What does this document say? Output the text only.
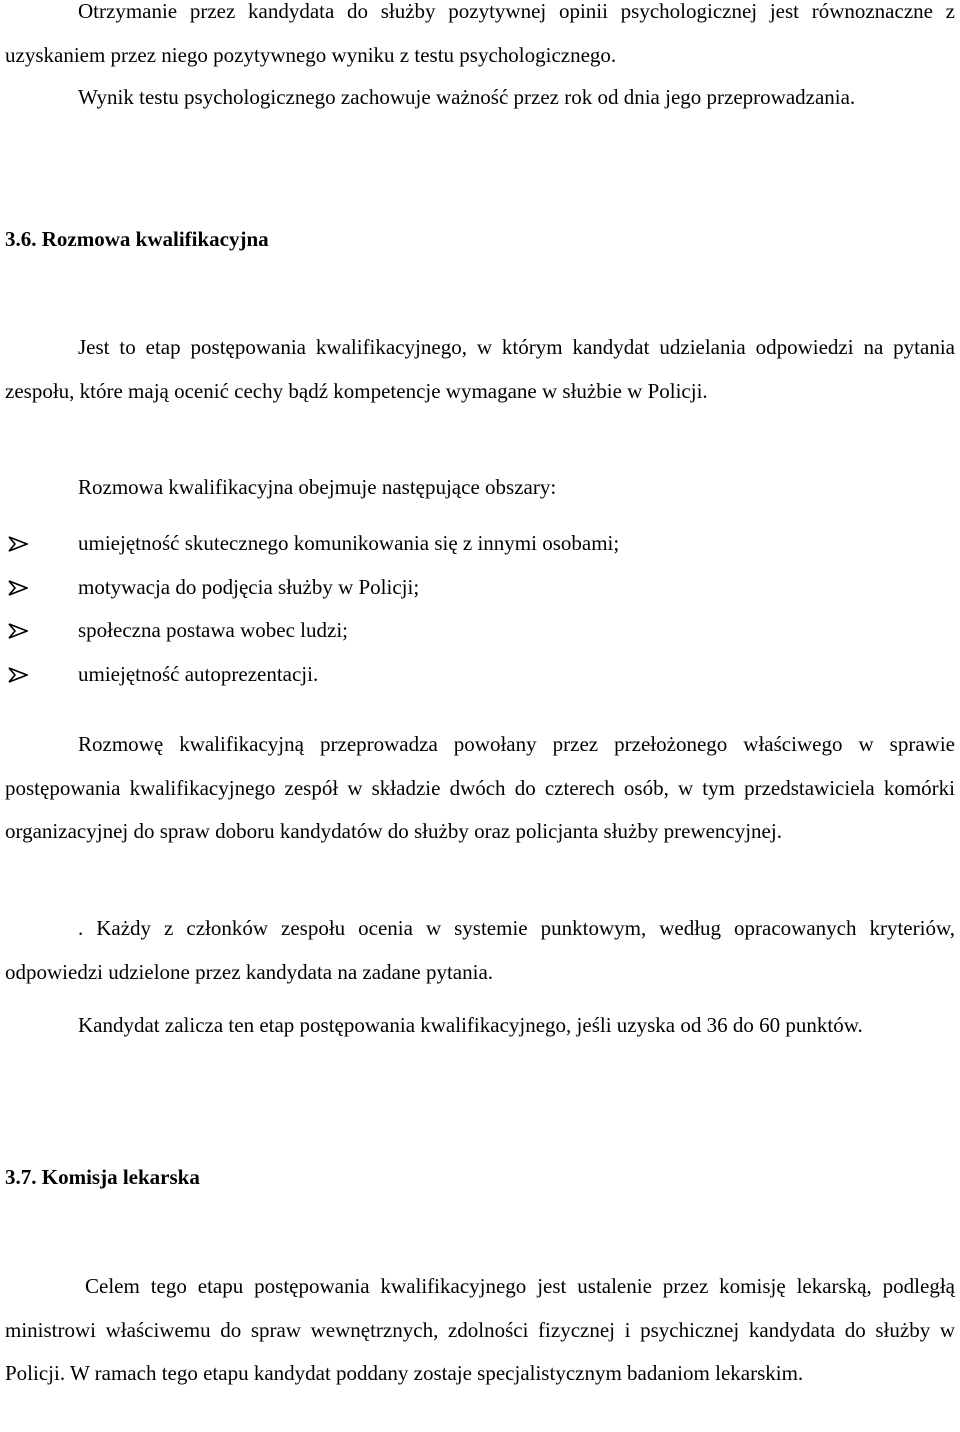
Otrzymanie przez kandydata do służby pozytywnej opinii psychologicznej jest równoznaczne z uzyskaniem przez niego pozytywnego wyniku z testu psychologicznego.

Wynik testu psychologicznego zachowuje ważność przez rok od dnia jego przeprowadzania.

3.6. Rozmowa kwalifikacyjna

Jest to etap postępowania kwalifikacyjnego, w którym kandydat udzielania odpowiedzi na pytania zespołu, które mają ocenić cechy bądź kompetencje wymagane w służbie w Policji.

Rozmowa kwalifikacyjna obejmuje następujące obszary:

umiejętność skutecznego komunikowania się z innymi osobami;
motywacja do podjęcia służby w Policji;
społeczna postawa wobec ludzi;
umiejętność autoprezentacji.

Rozmowę kwalifikacyjną przeprowadza powołany przez przełożonego właściwego w sprawie postępowania kwalifikacyjnego zespół w składzie dwóch do czterech osób, w tym przedstawiciela komórki organizacyjnej do spraw doboru kandydatów do służby oraz policjanta służby prewencyjnej.

. Każdy z członków zespołu ocenia w systemie punktowym, według opracowanych kryteriów, odpowiedzi udzielone przez kandydata na zadane pytania.

Kandydat zalicza ten etap postępowania kwalifikacyjnego, jeśli uzyska od 36 do 60 punktów.

3.7. Komisja lekarska

Celem tego etapu postępowania kwalifikacyjnego jest ustalenie przez komisję lekarską, podległą ministrowi właściwemu do spraw wewnętrznych, zdolności fizycznej i psychicznej kandydata do służby w Policji. W ramach tego etapu kandydat poddany zostaje specjalistycznym badaniom lekarskim.
